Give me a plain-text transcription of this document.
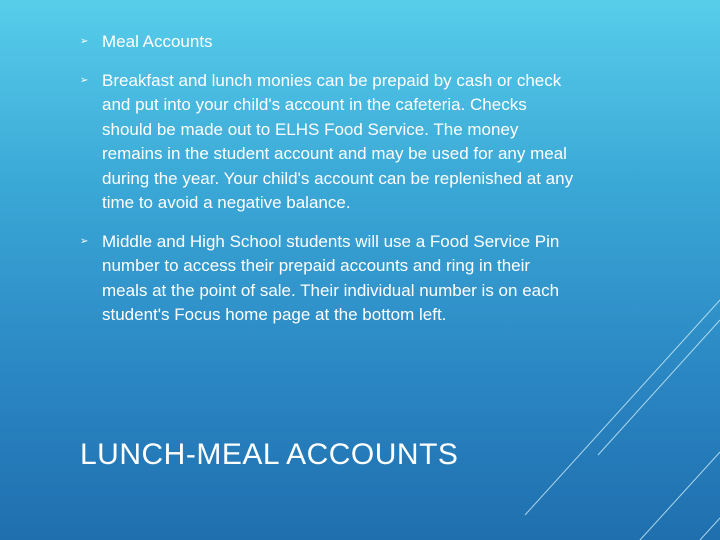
➢ Meal Accounts
➢ Breakfast and lunch monies can be prepaid by cash or check and put into your child's account in the cafeteria. Checks should be made out to ELHS Food Service. The money remains in the student account and may be used for any meal during the year. Your child's account can be replenished at any time to avoid a negative balance.
➢ Middle and High School students will use a Food Service Pin number to access their prepaid accounts and ring in their meals at the point of sale. Their individual number is on each student's Focus home page at the bottom left.
LUNCH-MEAL ACCOUNTS
